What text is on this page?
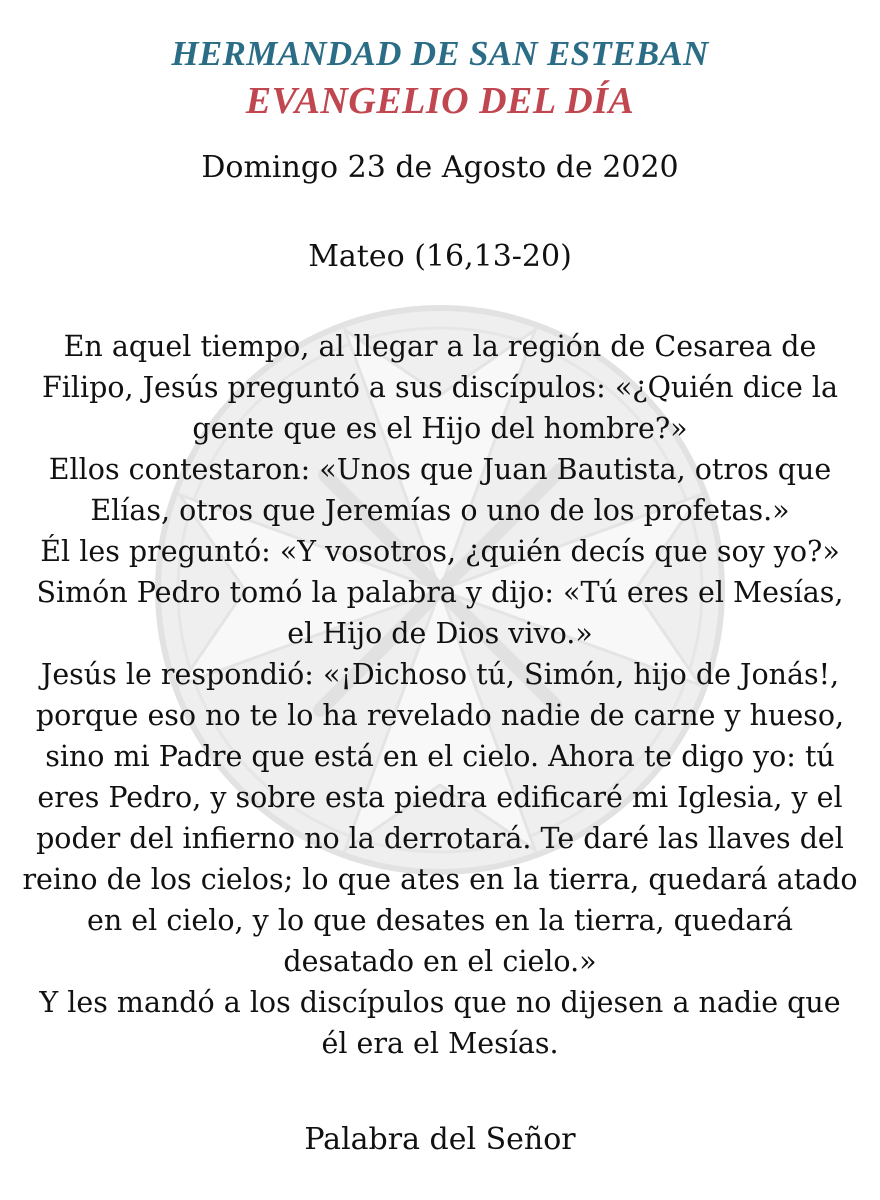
HERMANDAD DE SAN ESTEBAN
EVANGELIO DEL DÍA
Domingo 23 de Agosto de 2020
Mateo (16,13-20)

En aquel tiempo, al llegar a la región de Cesarea de Filipo, Jesús preguntó a sus discípulos: «¿Quién dice la gente que es el Hijo del hombre?»

Ellos contestaron: «Unos que Juan Bautista, otros que Elías, otros que Jeremías o uno de los profetas.»

Él les preguntó: «Y vosotros, ¿quién decís que soy yo?»

Simón Pedro tomó la palabra y dijo: «Tú eres el Mesías, el Hijo de Dios vivo.»

Jesús le respondió: «¡Dichoso tú, Simón, hijo de Jonás!, porque eso no te lo ha revelado nadie de carne y hueso, sino mi Padre que está en el cielo. Ahora te digo yo: tú eres Pedro, y sobre esta piedra edificaré mi Iglesia, y el poder del infierno no la derrotará. Te daré las llaves del reino de los cielos; lo que ates en la tierra, quedará atado en el cielo, y lo que desates en la tierra, quedará desatado en el cielo.»

Y les mandó a los discípulos que no dijesen a nadie que él era el Mesías.

Palabra del Señor
